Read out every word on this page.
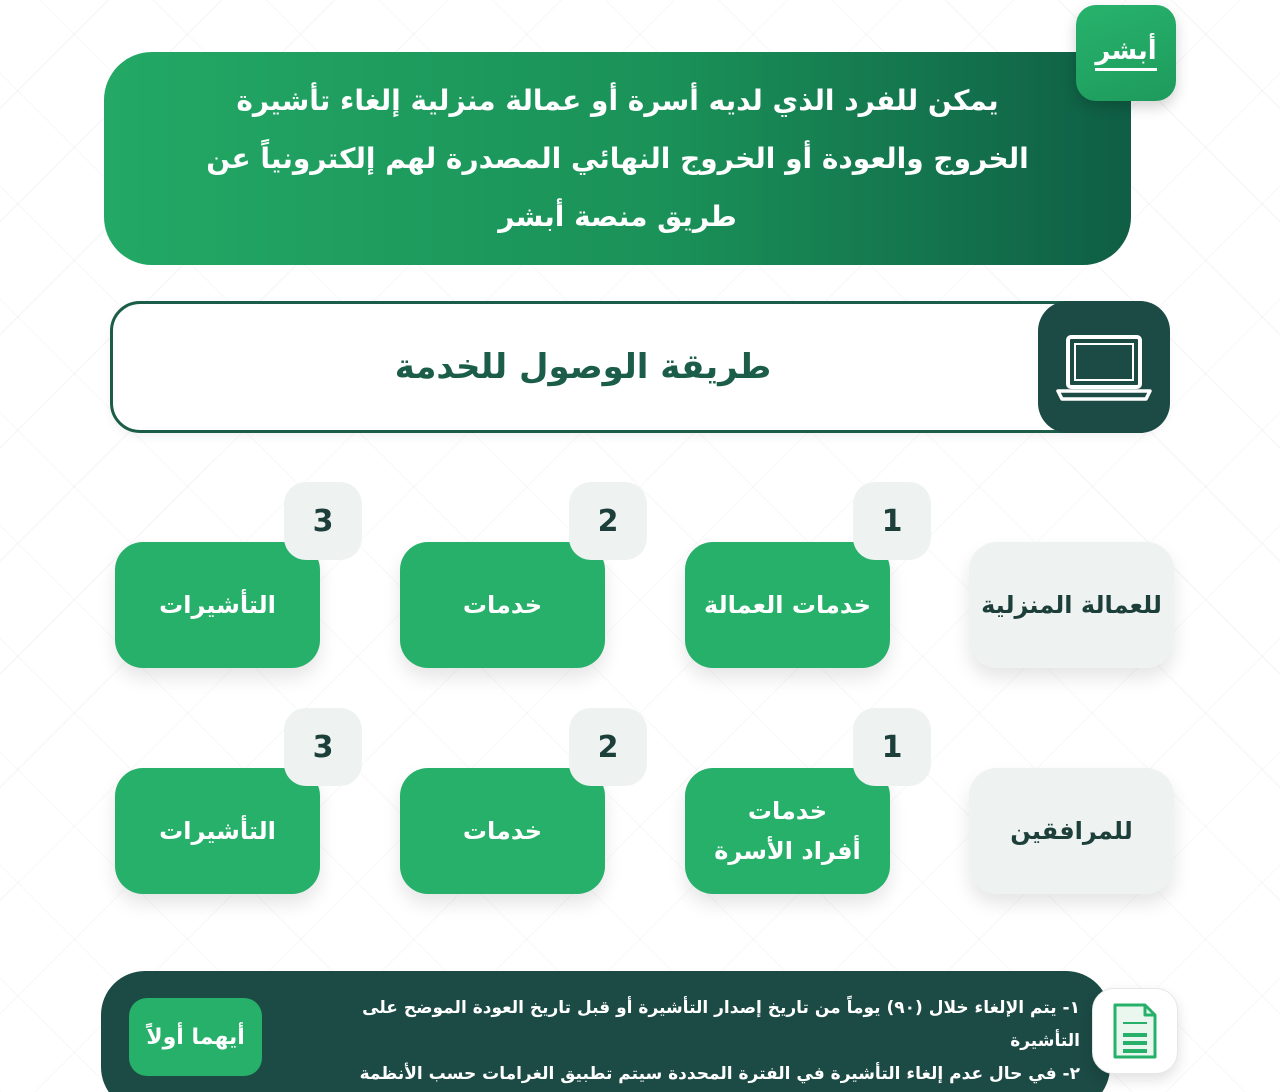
يمكن للفرد الذي لديه أسرة أو عمالة منزلية إلغاء تأشيرة
الخروج والعودة أو الخروج النهائي المصدرة لهم إلكترونياً عن
طريق منصة أبشر
أبشر
طريقة الوصول للخدمة
للعمالة المنزلية
خدمات العمالة
1
خدمات
2
التأشيرات
3
للمرافقين
خدمات
أفراد الأسرة
1
خدمات
2
التأشيرات
3
١- يتم الإلغاء خلال (٩٠) يوماً من تاريخ إصدار التأشيرة أو قبل تاريخ العودة الموضح على التأشيرة
٢- في حال عدم إلغاء التأشيرة في الفترة المحددة سيتم تطبيق الغرامات حسب الأنظمة
أيهما أولاً
